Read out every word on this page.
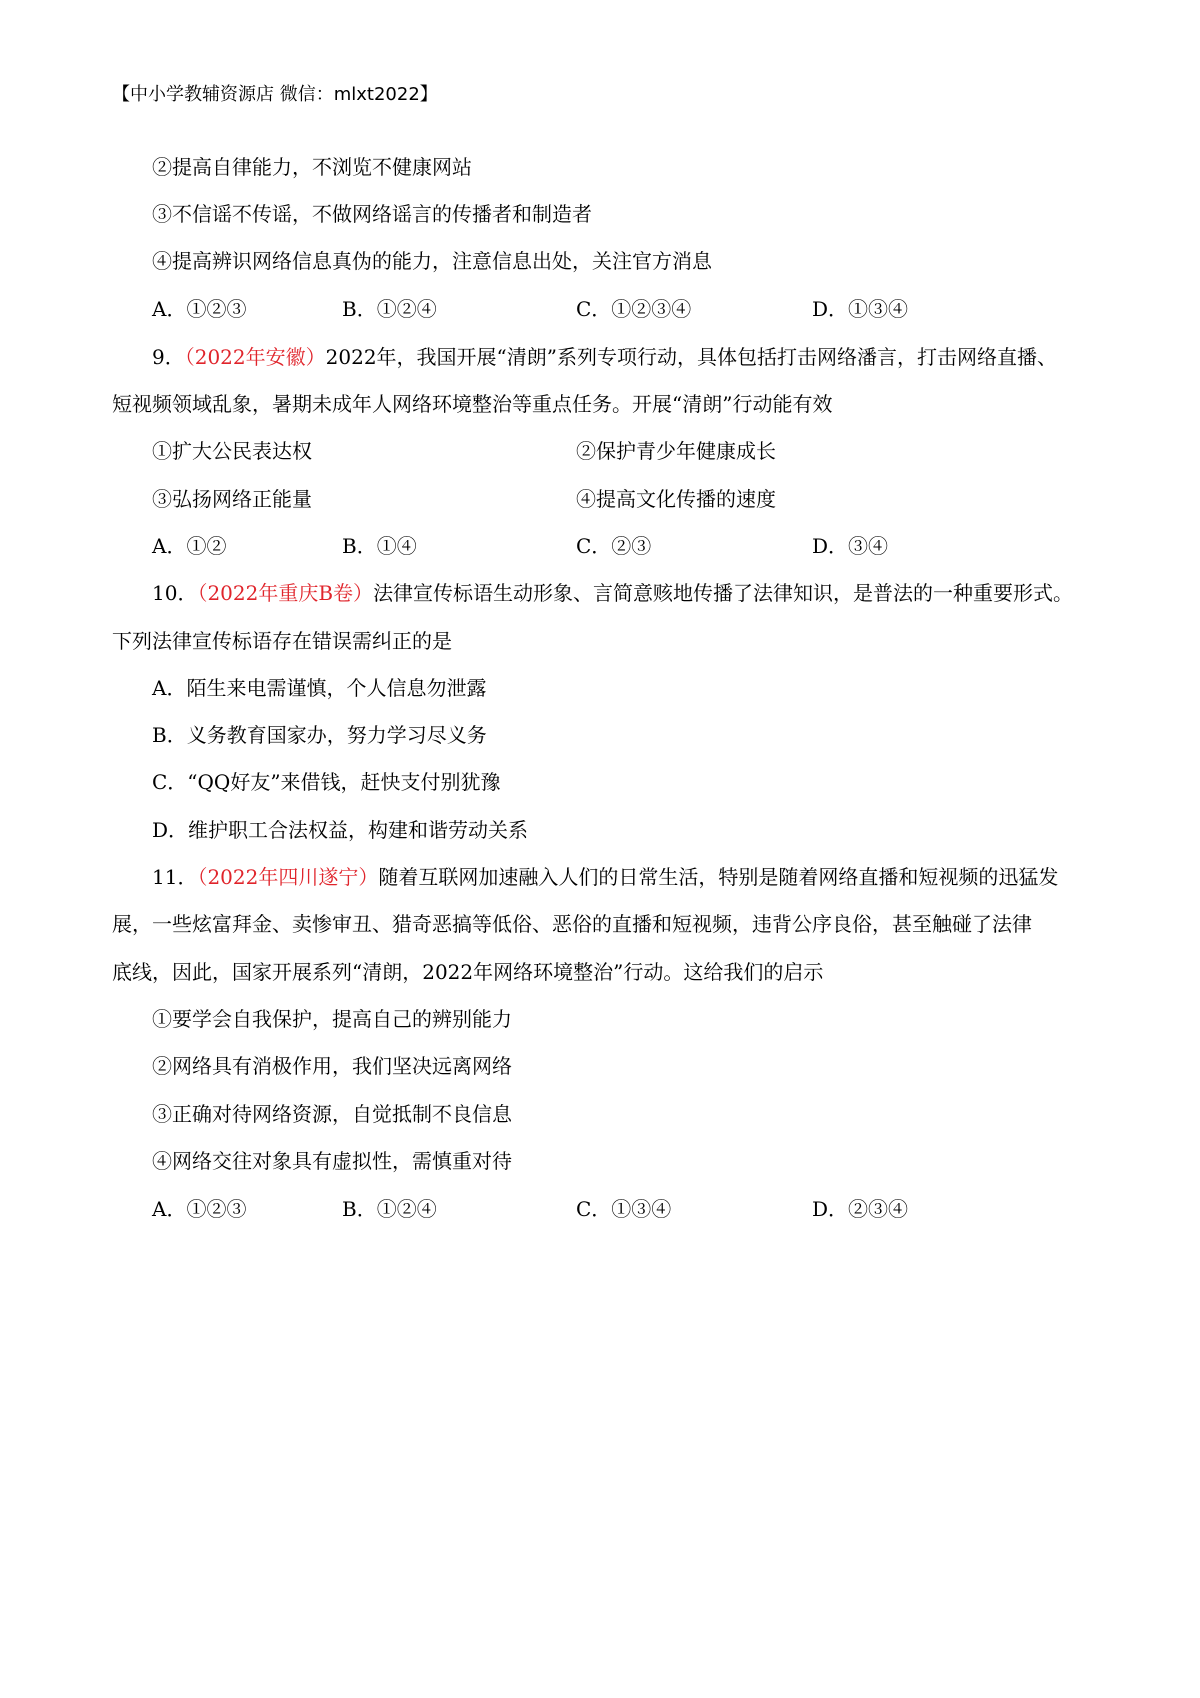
【中小学教辅资源店 微信：mlxt2022】
②提高自律能力，不浏览不健康网站
③不信谣不传谣，不做网络谣言的传播者和制造者
④提高辨识网络信息真伪的能力，注意信息出处，关注官方消息
A．①②③	B．①②④	C．①②③④	D．①③④
9．（2022年安徽）2022年，我国开展“清朗”系列专项行动，具体包括打击网络潘言，打击网络直播、
短视频领域乱象，暑期未成年人网络环境整治等重点任务。开展“清朗”行动能有效
①扩大公民表达权	②保护青少年健康成长
③弘扬网络正能量	④提高文化传播的速度
A．①②	B．①④	C．②③	D．③④
10．（2022年重庆B卷）法律宣传标语生动形象、言简意赅地传播了法律知识，是普法的一种重要形式。
下列法律宣传标语存在错误需纠正的是
A．陌生来电需谨慎，个人信息勿泄露
B．义务教育国家办，努力学习尽义务
C．“QQ好友”来借钱，赶快支付别犹豫
D．维护职工合法权益，构建和谐劳动关系
11．（2022年四川遂宁）随着互联网加速融入人们的日常生活，特别是随着网络直播和短视频的迅猛发
展，一些炫富拜金、卖惨审丑、猎奇恶搞等低俗、恶俗的直播和短视频，违背公序良俗，甚至触碰了法律
底线，因此，国家开展系列“清朗，2022年网络环境整治”行动。这给我们的启示
①要学会自我保护，提高自己的辨别能力
②网络具有消极作用，我们坚决远离网络
③正确对待网络资源，自觉抵制不良信息
④网络交往对象具有虚拟性，需慎重对待
A．①②③	B．①②④	C．①③④	D．②③④
